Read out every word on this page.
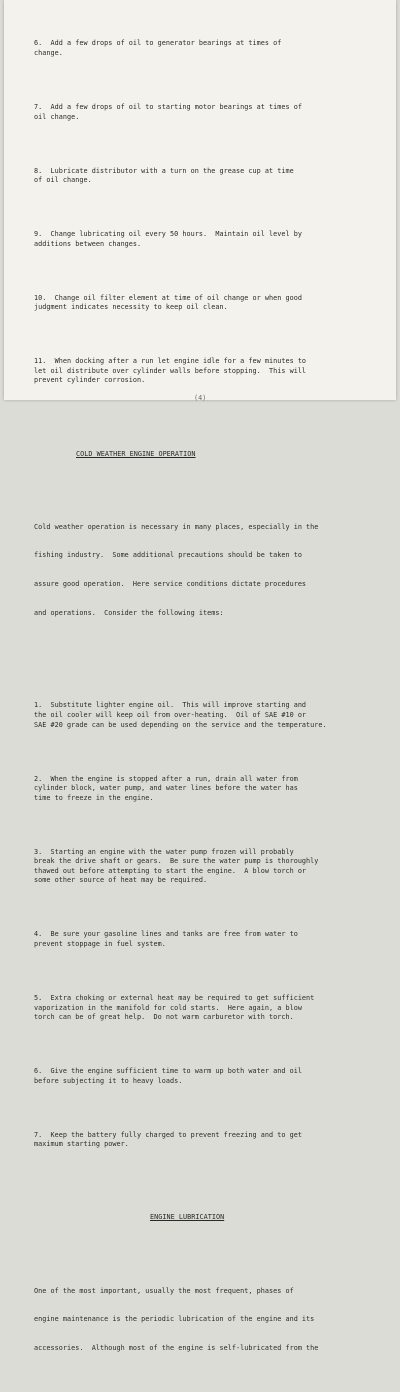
6.  Add a few drops of oil to generator bearings at times of
change.

7.  Add a few drops of oil to starting motor bearings at times of
oil change.

8.  Lubricate distributor with a turn on the grease cup at time
of oil change.

9.  Change lubricating oil every 50 hours.  Maintain oil level by
additions between changes.

10.  Change oil filter element at time of oil change or when good
judgment indicates necessity to keep oil clean.

11.  When docking after a run let engine idle for a few minutes to
let oil distribute over cylinder walls before stopping.  This will
prevent cylinder corrosion.

COLD WEATHER ENGINE OPERATION

Cold weather operation is necessary in many places, especially in the

fishing industry.  Some additional precautions should be taken to

assure good operation.  Here service conditions dictate procedures

and operations.  Consider the following items:

1.  Substitute lighter engine oil.  This will improve starting and
the oil cooler will keep oil from over-heating.  Oil of SAE #10 or
SAE #20 grade can be used depending on the service and the temperature.

2.  When the engine is stopped after a run, drain all water from
cylinder block, water pump, and water lines before the water has
time to freeze in the engine.

3.  Starting an engine with the water pump frozen will probably
break the drive shaft or gears.  Be sure the water pump is thoroughly
thawed out before attempting to start the engine.  A blow torch or
some other source of heat may be required.

4.  Be sure your gasoline lines and tanks are free from water to
prevent stoppage in fuel system.

5.  Extra choking or external heat may be required to get sufficient
vaporization in the manifold for cold starts.  Here again, a blow
torch can be of great help.  Do not warm carburetor with torch.

6.  Give the engine sufficient time to warm up both water and oil
before subjecting it to heavy loads.

7.  Keep the battery fully charged to prevent freezing and to get
maximum starting power.

ENGINE LUBRICATION

One of the most important, usually the most frequent, phases of

engine maintenance is the periodic lubrication of the engine and its

accessories.  Although most of the engine is self-lubricated from the

(4)
